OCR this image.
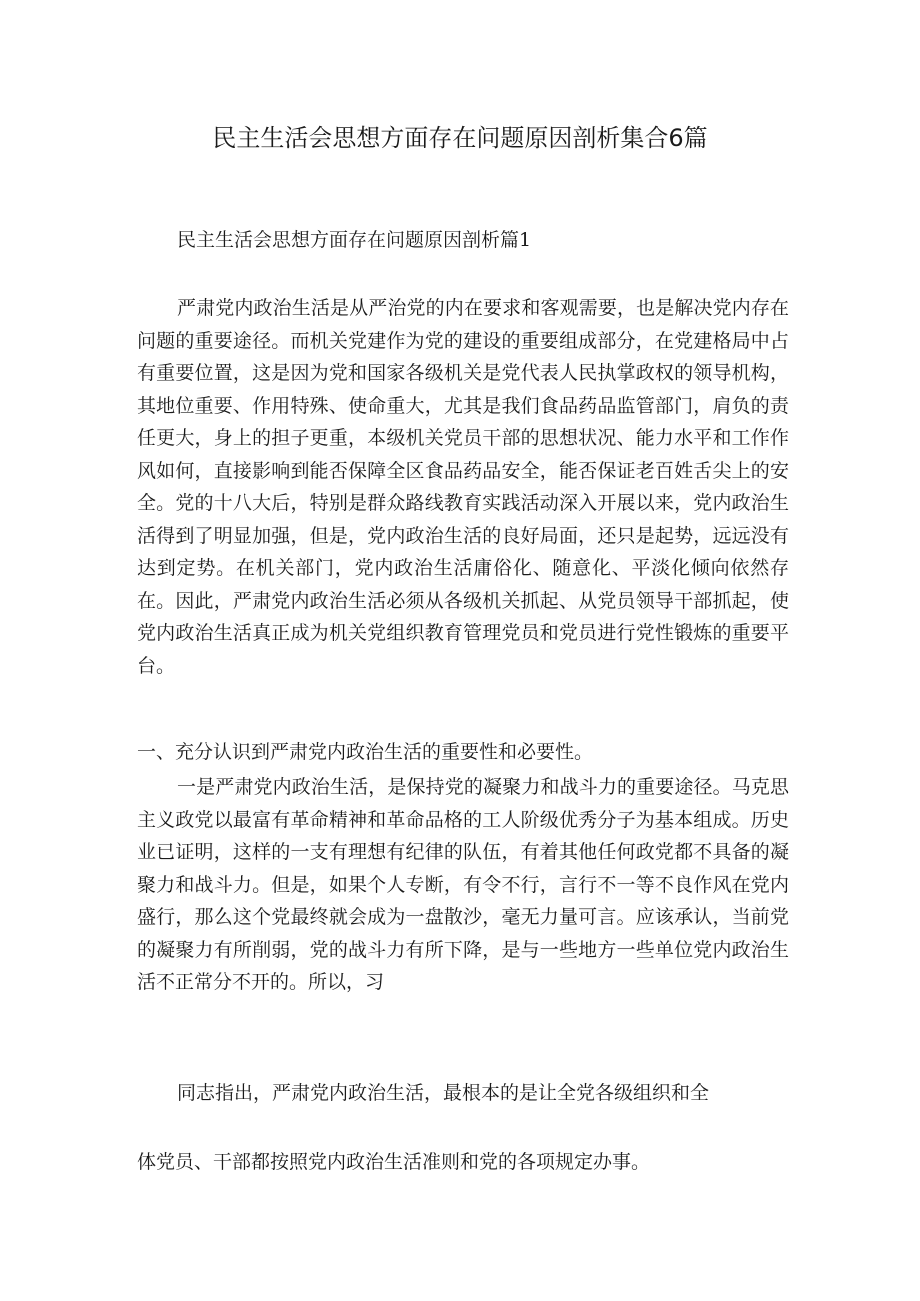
民主生活会思想方面存在问题原因剖析集合6篇

民主生活会思想方面存在问题原因剖析篇1

严肃党内政治生活是从严治党的内在要求和客观需要，也是解决党内存在问题的重要途径。而机关党建作为党的建设的重要组成部分，在党建格局中占有重要位置，这是因为党和国家各级机关是党代表人民执掌政权的领导机构，其地位重要、作用特殊、使命重大，尤其是我们食品药品监管部门，肩负的责任更大，身上的担子更重，本级机关党员干部的思想状况、能力水平和工作作风如何，直接影响到能否保障全区食品药品安全，能否保证老百姓舌尖上的安全。党的十八大后，特别是群众路线教育实践活动深入开展以来，党内政治生活得到了明显加强，但是，党内政治生活的良好局面，还只是起势，远远没有达到定势。在机关部门，党内政治生活庸俗化、随意化、平淡化倾向依然存在。因此，严肃党内政治生活必须从各级机关抓起、从党员领导干部抓起，使党内政治生活真正成为机关党组织教育管理党员和党员进行党性锻炼的重要平台。

一、充分认识到严肃党内政治生活的重要性和必要性。

一是严肃党内政治生活，是保持党的凝聚力和战斗力的重要途径。马克思主义政党以最富有革命精神和革命品格的工人阶级优秀分子为基本组成。历史业已证明，这样的一支有理想有纪律的队伍，有着其他任何政党都不具备的凝聚力和战斗力。但是，如果个人专断，有令不行，言行不一等不良作风在党内盛行，那么这个党最终就会成为一盘散沙，毫无力量可言。应该承认，当前党的凝聚力有所削弱，党的战斗力有所下降，是与一些地方一些单位党内政治生活不正常分不开的。所以，习

同志指出，严肃党内政治生活，最根本的是让全党各级组织和全

体党员、干部都按照党内政治生活准则和党的各项规定办事。
